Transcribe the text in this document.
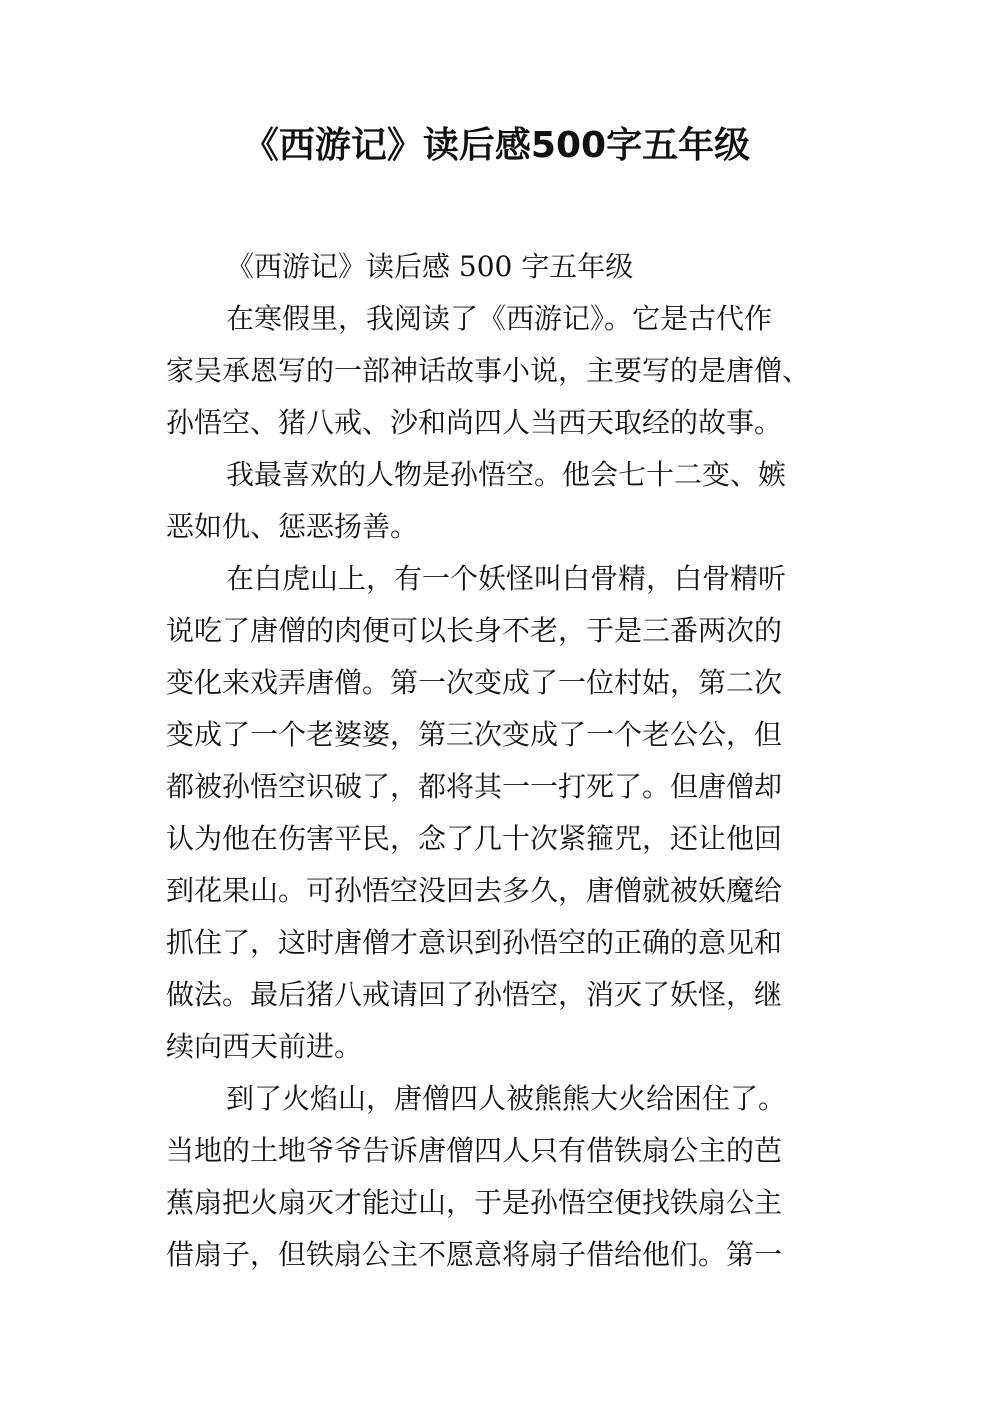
《西游记》读后感500字五年级
《西游记》读后感 500 字五年级
在寒假里，我阅读了《西游记》。它是古代作
家吴承恩写的一部神话故事小说，主要写的是唐僧、
孙悟空、猪八戒、沙和尚四人当西天取经的故事。
我最喜欢的人物是孙悟空。他会七十二变、嫉
恶如仇、惩恶扬善。
在白虎山上，有一个妖怪叫白骨精，白骨精听
说吃了唐僧的肉便可以长身不老，于是三番两次的
变化来戏弄唐僧。第一次变成了一位村姑，第二次
变成了一个老婆婆，第三次变成了一个老公公，但
都被孙悟空识破了，都将其一一打死了。但唐僧却
认为他在伤害平民，念了几十次紧箍咒，还让他回
到花果山。可孙悟空没回去多久，唐僧就被妖魔给
抓住了，这时唐僧才意识到孙悟空的正确的意见和
做法。最后猪八戒请回了孙悟空，消灭了妖怪，继
续向西天前进。
到了火焰山，唐僧四人被熊熊大火给困住了。
当地的土地爷爷告诉唐僧四人只有借铁扇公主的芭
蕉扇把火扇灭才能过山，于是孙悟空便找铁扇公主
借扇子，但铁扇公主不愿意将扇子借给他们。第一
